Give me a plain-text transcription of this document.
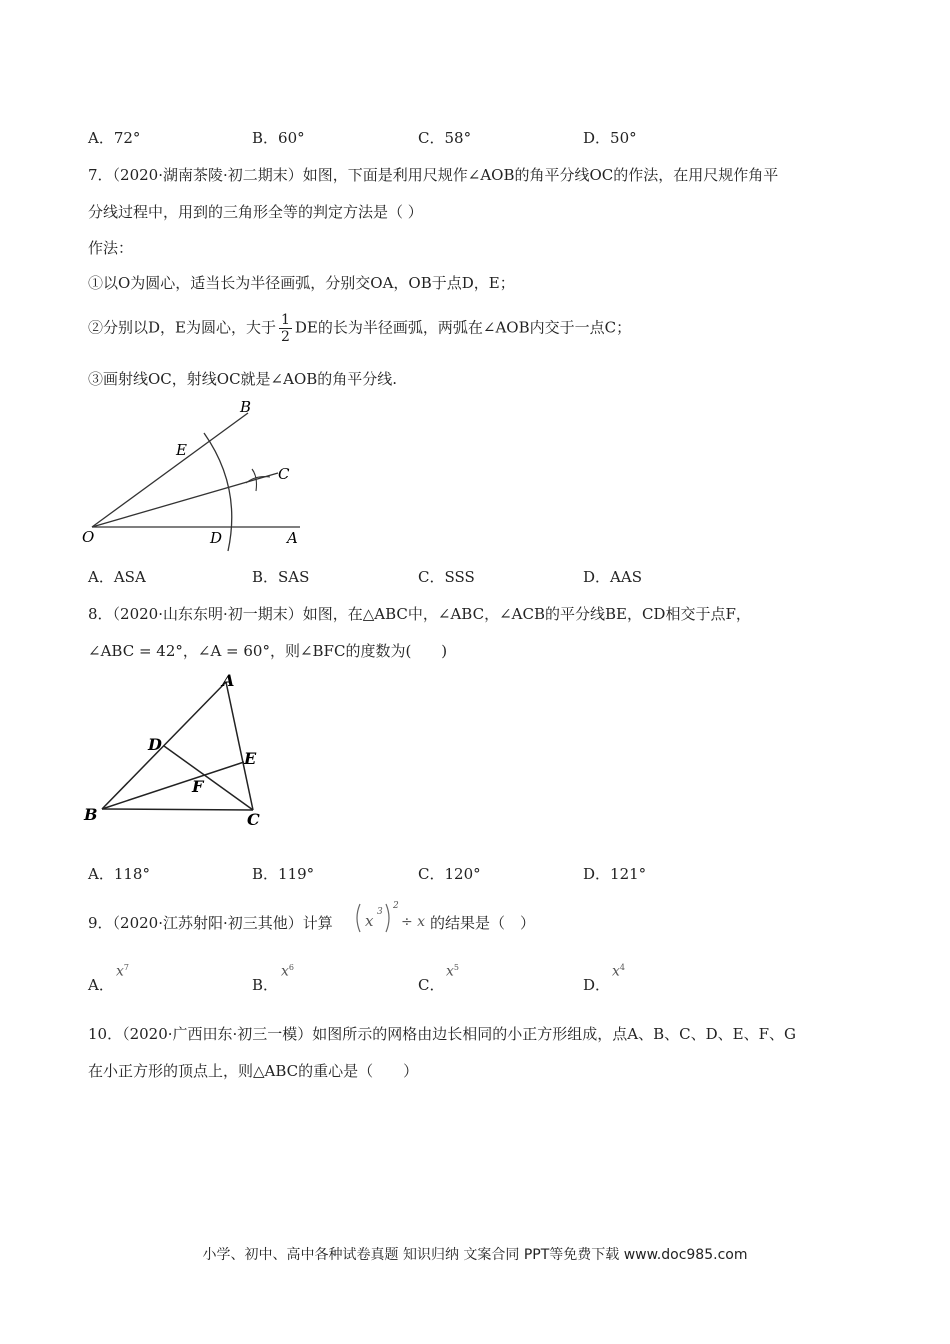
A．72°	B．60°	C．58°	D．50°
7．（2020·湖南茶陵·初二期末）如图，下面是利用尺规作∠AOB的角平分线OC的作法，在用尺规作角平
分线过程中，用到的三角形全等的判定方法是（ ）
作法：
①以O为圆心，适当长为半径画弧，分别交OA，OB于点D，E；
②分别以D，E为圆心，大于 $\frac{1}{2}$ DE的长为半径画弧，两弧在∠AOB内交于一点C；
③画射线OC，射线OC就是∠AOB的角平分线.
O	A
B
C
D
E
A．ASA	B．SAS	C．SSS	D．AAS
8．（2020·山东东明·初一期末）如图，在△ABC中，∠ABC，∠ACB的平分线BE，CD相交于点F，
∠ABC = 42°，∠A = 60°，则∠BFC的度数为(　　)
A
B	C
D
E
F
A．118°	B．119°	C．120°	D．121°
9．（2020·江苏射阳·初三其他）计算 x 3
2
÷ x 的结果是（　）
A．
$x^7$
B．
$x^6$
C．
$x^5$
D．
$x^4$
10．（2020·广西田东·初三一模）如图所示的网格由边长相同的小正方形组成，点A、B、C、D、E、F、G
在小正方形的顶点上，则△ABC的重心是（　　）
小学、初中、高中各种试卷真题 知识归纳 文案合同 PPT等免费下载 www.doc985.com
